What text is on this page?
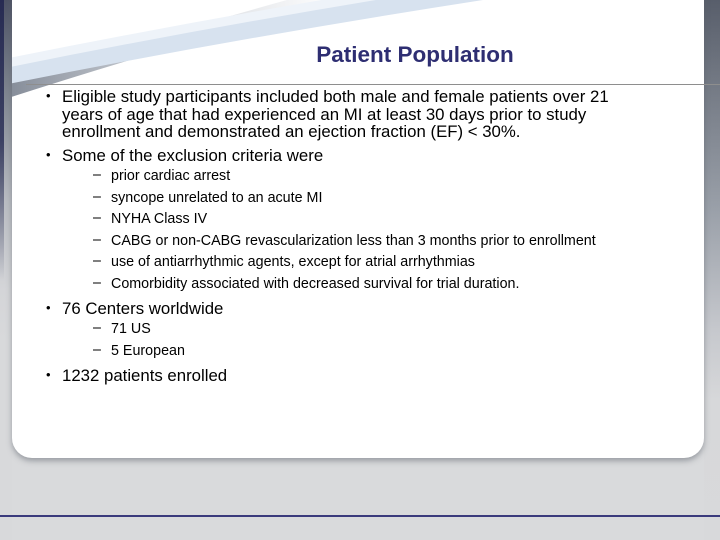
Patient Population
• Eligible study participants included both male and female patients over 21 years of age that had experienced an MI at least 30 days prior to study enrollment and demonstrated an ejection fraction (EF) < 30%.
• Some of the exclusion criteria were
– prior cardiac arrest
– syncope unrelated to an acute MI
– NYHA Class IV
– CABG or non-CABG revascularization less than 3 months prior to enrollment
– use of antiarrhythmic agents, except for atrial arrhythmias
– Comorbidity associated with decreased survival for trial duration.
• 76 Centers worldwide
– 71 US
– 5 European
• 1232 patients enrolled
